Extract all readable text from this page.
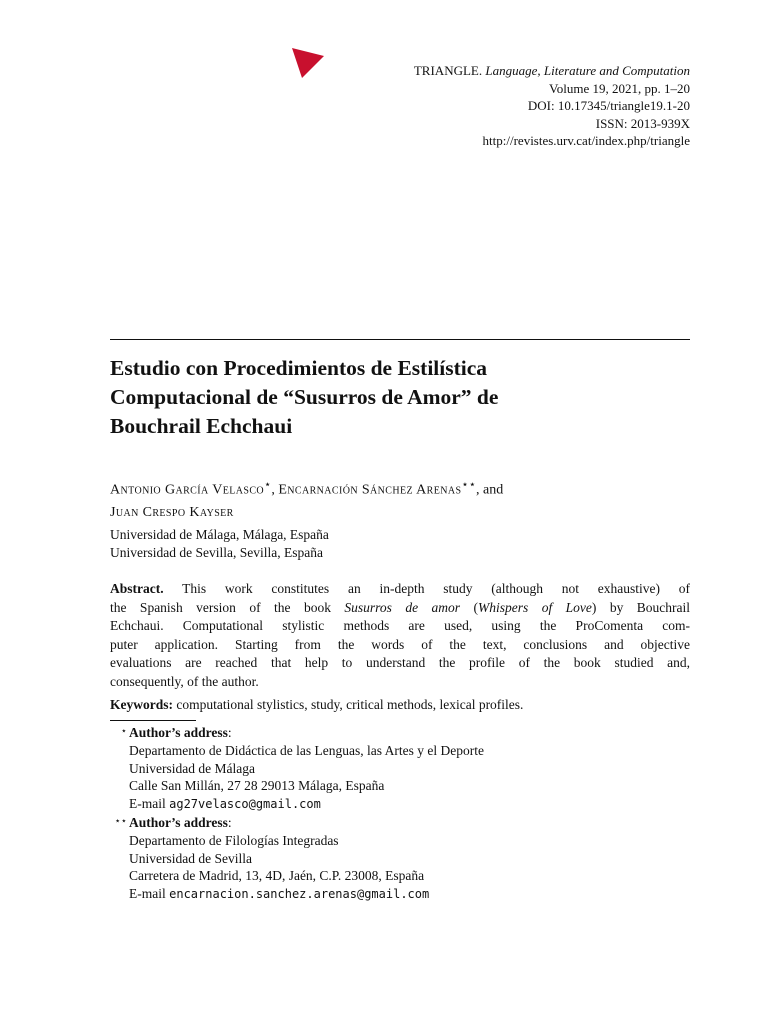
TRIANGLE. Language, Literature and Computation
Volume 19, 2021, pp. 1–20
DOI: 10.17345/triangle19.1-20
ISSN: 2013-939X
http://revistes.urv.cat/index.php/triangle
Estudio con Procedimientos de Estilística
Computacional de “Susurros de Amor” de
Bouchrail Echchaui
Antonio García Velasco⋆, Encarnación Sánchez Arenas⋆⋆, and
Juan Crespo Kayser
Universidad de Málaga, Málaga, España
Universidad de Sevilla, Sevilla, España
Abstract. This work constitutes an in-depth study (although not exhaustive) of
the Spanish version of the book Susurros de amor (Whispers of Love) by Bouchrail
Echchaui. Computational stylistic methods are used, using the ProComenta com-
puter application. Starting from the words of the text, conclusions and objective
evaluations are reached that help to understand the profile of the book studied and,
consequently, of the author.
Keywords: computational stylistics, study, critical methods, lexical profiles.
⋆ Author’s address:
Departamento de Didáctica de las Lenguas, las Artes y el Deporte
Universidad de Málaga
Calle San Millán, 27 28 29013 Málaga, España
E-mail ag27velasco@gmail.com
⋆⋆ Author’s address:
Departamento de Filologías Integradas
Universidad de Sevilla
Carretera de Madrid, 13, 4D, Jaén, C.P. 23008, España
E-mail encarnacion.sanchez.arenas@gmail.com
